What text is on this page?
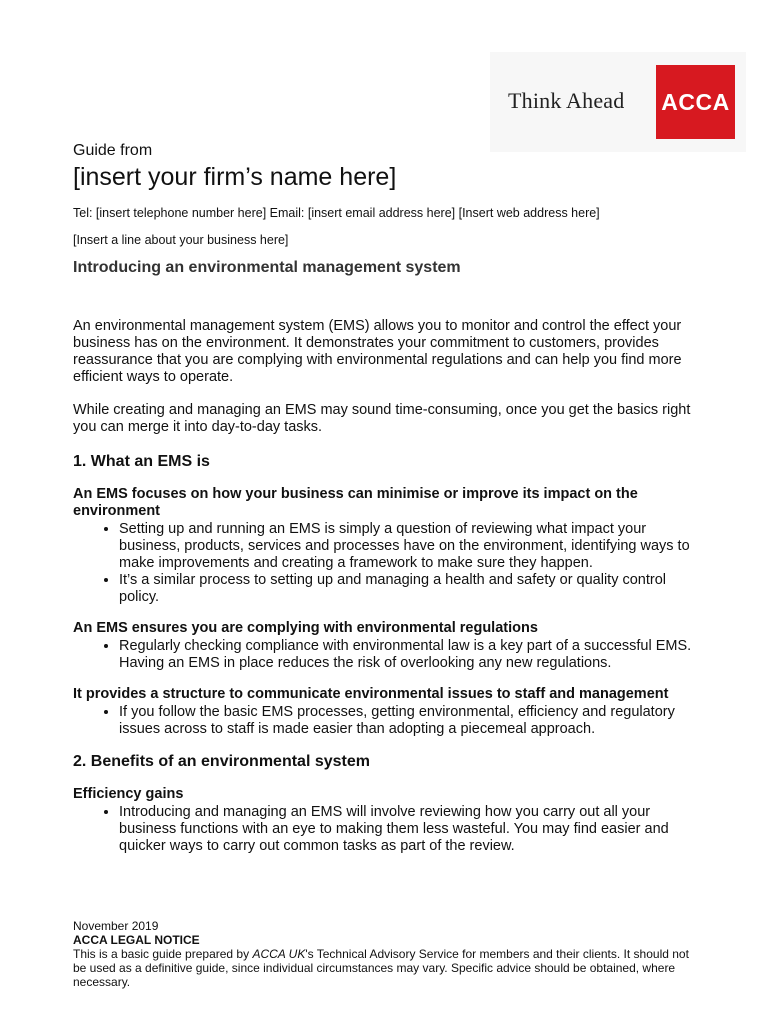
Think Ahead ACCA

Guide from

[insert your firm’s name here]

Tel: [insert telephone number here] Email: [insert email address here] [Insert web address here]

[Insert a line about your business here]

Introducing an environmental management system

An environmental management system (EMS) allows you to monitor and control the effect your business has on the environment. It demonstrates your commitment to customers, provides reassurance that you are complying with environmental regulations and can help you find more efficient ways to operate.

While creating and managing an EMS may sound time-consuming, once you get the basics right you can merge it into day-to-day tasks.

1. What an EMS is
An EMS focuses on how your business can minimise or improve its impact on the environment
• Setting up and running an EMS is simply a question of reviewing what impact your business, products, services and processes have on the environment, identifying ways to make improvements and creating a framework to make sure they happen.
• It’s a similar process to setting up and managing a health and safety or quality control policy.
An EMS ensures you are complying with environmental regulations
• Regularly checking compliance with environmental law is a key part of a successful EMS. Having an EMS in place reduces the risk of overlooking any new regulations.
It provides a structure to communicate environmental issues to staff and management
• If you follow the basic EMS processes, getting environmental, efficiency and regulatory issues across to staff is made easier than adopting a piecemeal approach.
2. Benefits of an environmental system
Efficiency gains
• Introducing and managing an EMS will involve reviewing how you carry out all your business functions with an eye to making them less wasteful. You may find easier and quicker ways to carry out common tasks as part of the review.

November 2019

ACCA LEGAL NOTICE

This is a basic guide prepared by ACCA UK's Technical Advisory Service for members and their clients. It should not be used as a definitive guide, since individual circumstances may vary. Specific advice should be obtained, where necessary.
